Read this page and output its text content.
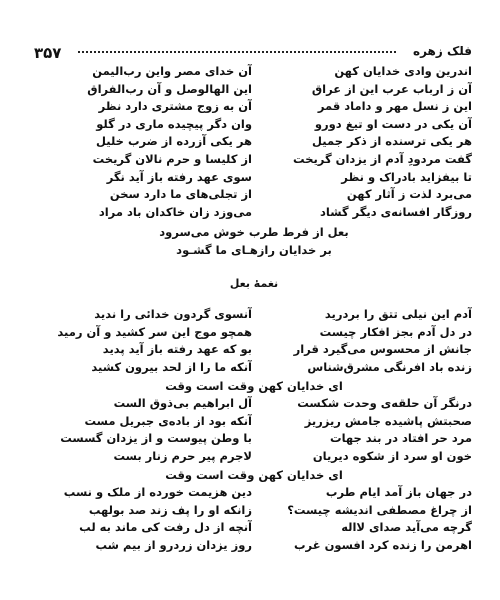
۳۵۷	فلک زهره
اندرین وادی خدایان کهن
آن خدای مصر واین رب‌الیمن
آن ز ارباب عرب این از عراق
این الهالوصل و آن رب‌الفراق
این ز نسل مهر و داماد قمر
آن به زوج مشتری دارد نظر
آن یکی در دست او تیغ دورو
وان دگر پیچیده ماری در گلو
هر یکی ترسنده از ذکر جمیل
هر یکی آزرده از ضرب خلیل
گفت مردودِ آدم از یزدان گریخت
از کلیسا و حرم نالان گریخت
تا بیفزاید بادراک و نظر
سوی عهد رفته باز آید نگر
می‌برد لذت ز آثار کهن
از تجلی‌های ما دارد سخن
روزگار افسانه‌ی دیگر گشاد
می‌وزد زان خاکدان باد مراد
بعل از فرط طرب خوش می‌سرود
بر خدایان رازهـای ما گشـود
نغمهٔ بعل
آدم این نیلی تتق را بردرید
آنسوی گردون خدائی را ندید
در دل آدم بجز افکار چیست
همچو موج این سر کشید و آن رمید
جانش از محسوس می‌گیرد قرار
بو که عهد رفته باز آید پدید
زنده باد افرنگی مشرق‌شناس
آنکه ما را از لحد بیرون کشید
ای خدایان کهن وقت است وقت
درنگر آن حلقه‌ی وحدت شکست
آل ابراهیم بی‌ذوق الست
صحبتش پاشیده جامش ریزریز
آنکه بود از باده‌ی جبریل مست
مرد حر افتاد در بند جهات
با وطن پیوست و از یزدان گسست
خون او سرد از شکوه دیریان
لاجرم پیر حرم زنار بست
ای خدایان کهن وقت است وقت
در جهان باز آمد ایام طرب
دین هزیمت خورده از ملک و نسب
از چراغ مصطفی اندیشه چیست؟
زانکه او را پف زند صد بولهب
گرچه می‌آید صدای لااله
آنچه از دل رفت کی ماند به لب
اهرمن را زنده کرد افسون غرب
روز یزدان زردرو از بیم شب
